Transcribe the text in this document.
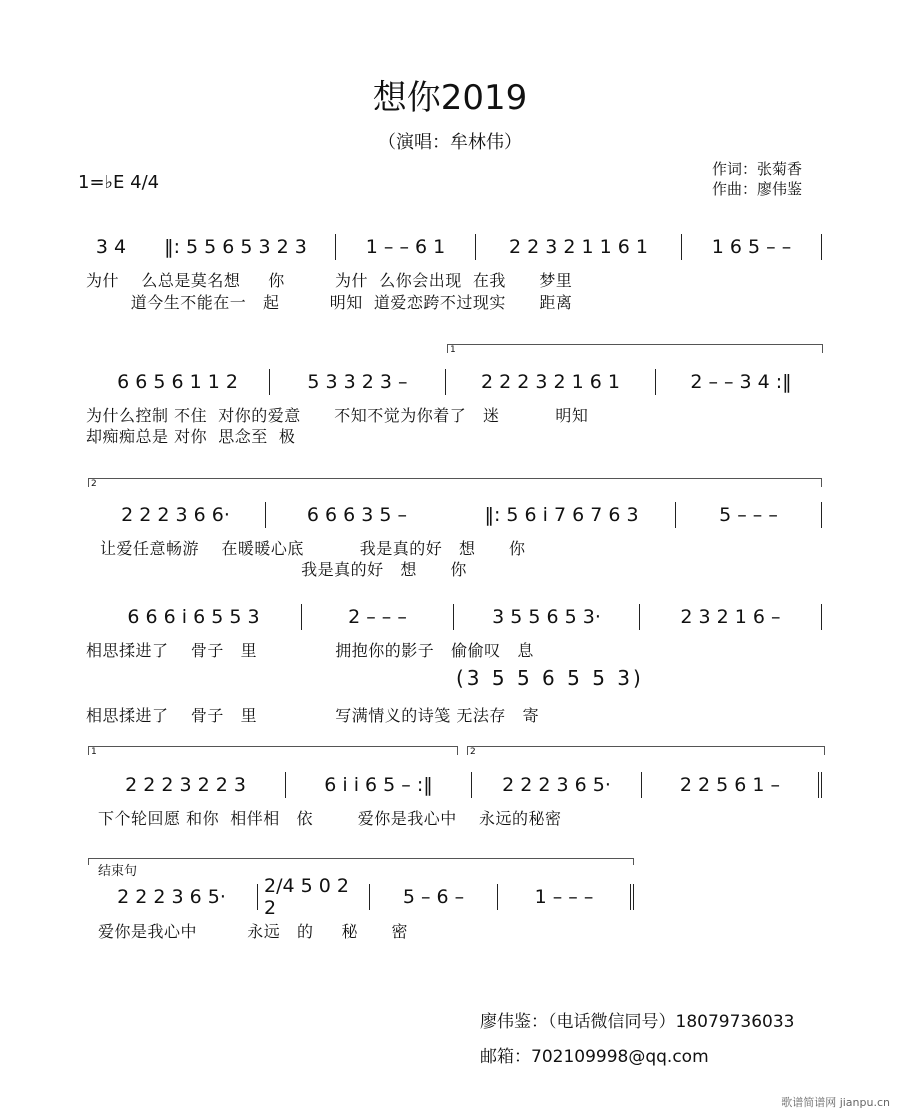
想你2019
（演唱：牟林伟）
1=♭E 4/4
作词：张菊香
作曲：廖伟鉴
3 4	‖: 5 5 6 5 3 2 3	1 – – 6 1	2 2 3 2 1 1 6 1	1 6 5 – –
为什    么总是莫名想     你         为什  么你会出现  在我      梦里
道今生不能在一   起         明知  道爱恋跨不过现实      距离
1
6 6 5 6 1 1 2	5 3 3 2 3 –	2 2 2 3 2 1 6 1	2 – – 3 4 :‖
为什么控制 不住  对你的爱意      不知不觉为你着了   迷          明知
却痴痴总是 对你  思念至  极
2
2 2 2 3 6 6·	6 6 6 3 5 –	‖: 5 6 i 7 6 7 6 3	5 – – –
让爱任意畅游    在暖暖心底          我是真的好   想      你
我是真的好   想      你
6 6 6 i 6 5 5 3	2 – – –	3 5 5 6 5 3·	2 3 2 1 6 –
相思揉进了    骨子   里              拥抱你的影子   偷偷叹   息
(3 5 5 6 5 5 3)
相思揉进了    骨子   里              写满情义的诗笺 无法存   寄
1	2
2 2 2 3 2 2 3	6 i i 6 5 – :‖	2 2 2 3 6 5·	2 2 5 6 1 –
下个轮回愿 和你  相伴相   依        爱你是我心中    永远的秘密
结束句
2 2 2 3 6 5·	2/4 5 0 2 2	5 – 6 –	1 – – –
爱你是我心中         永远   的     秘      密
廖伟鉴：（电话微信同号）18079736033
邮箱：702109998@qq.com
歌谱简谱网 jianpu.cn
